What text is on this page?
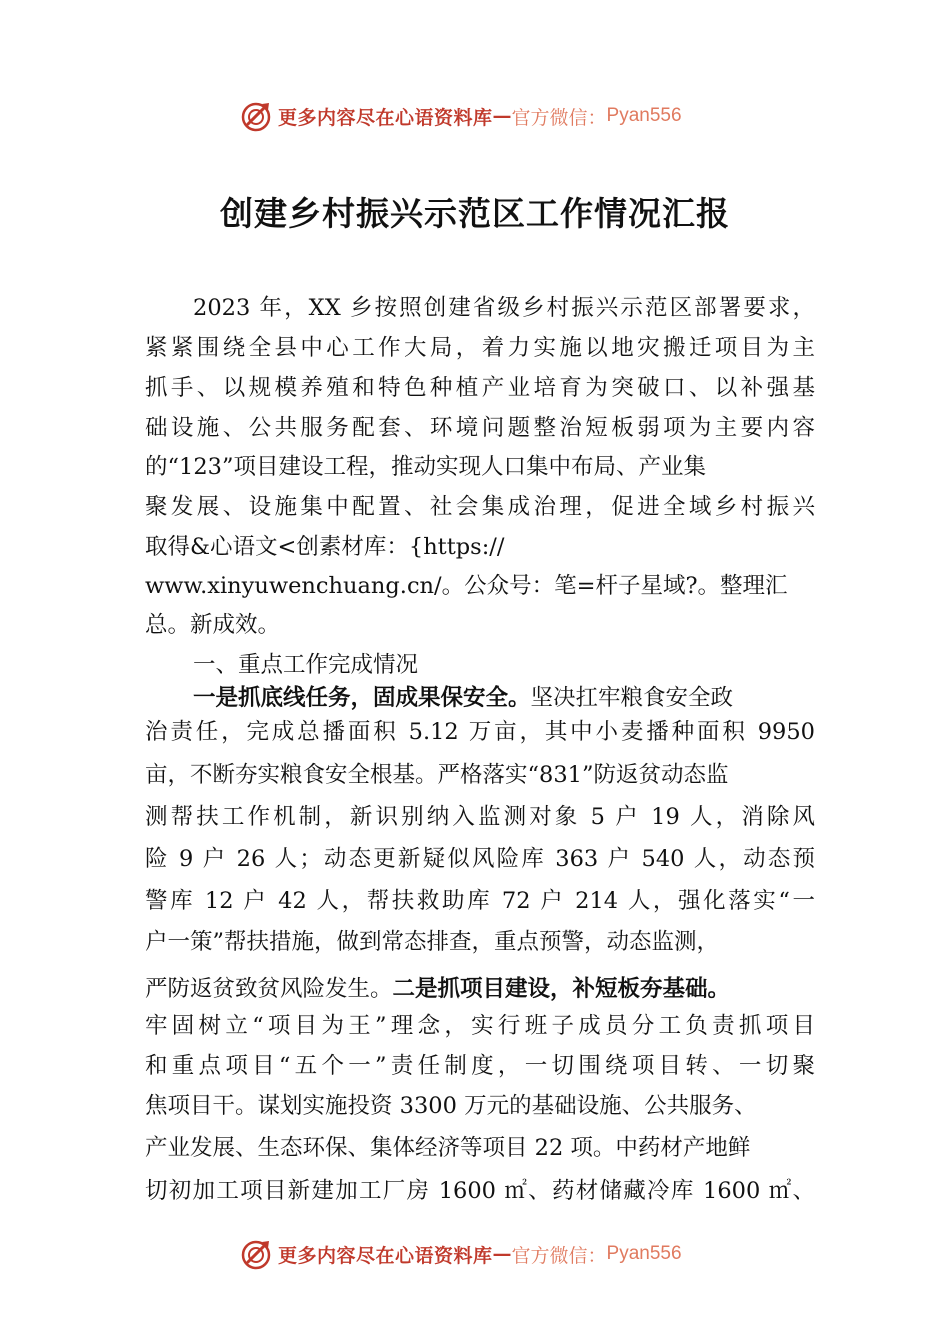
更多内容尽在心语资料库 — 官方微信： Pyan556
创建乡村振兴示范区工作情况汇报
2023 年，XX 乡按照创建省级乡村振兴示范区部署要求，
紧紧围绕全县中心工作大局，着力实施以地灾搬迁项目为主
抓手、以规模养殖和特色种植产业培育为突破口、以补强基
础设施、公共服务配套、环境问题整治短板弱项为主要内容
的“123”项目建设工程，推动实现人口集中布局、产业集
聚发展、设施集中配置、社会集成治理，促进全域乡村振兴
取得&心语文<创素材库：{https://
www.xinyuwenchuang.cn/。公众号：笔=杆子星域?。整理汇
总。新成效。
一、重点工作完成情况
一是抓底线任务，固成果保安全。坚决扛牢粮食安全政
治责任，完成总播面积 5.12 万亩，其中小麦播种面积 9950
亩，不断夯实粮食安全根基。严格落实“831”防返贫动态监
测帮扶工作机制，新识别纳入监测对象 5 户 19 人，消除风
险 9 户 26 人；动态更新疑似风险库 363 户 540 人，动态预
警库 12 户 42 人，帮扶救助库 72 户 214 人，强化落实“一
户一策”帮扶措施，做到常态排查，重点预警，动态监测，
严防返贫致贫风险发生。二是抓项目建设，补短板夯基础。
牢固树立“项目为王”理念，实行班子成员分工负责抓项目
和重点项目“五个一”责任制度，一切围绕项目转、一切聚
焦项目干。谋划实施投资 3300 万元的基础设施、公共服务、
产业发展、生态环保、集体经济等项目 22 项。中药材产地鲜
切初加工项目新建加工厂房 1600 ㎡、药材储藏冷库 1600 ㎡、
更多内容尽在心语资料库 — 官方微信： Pyan556
